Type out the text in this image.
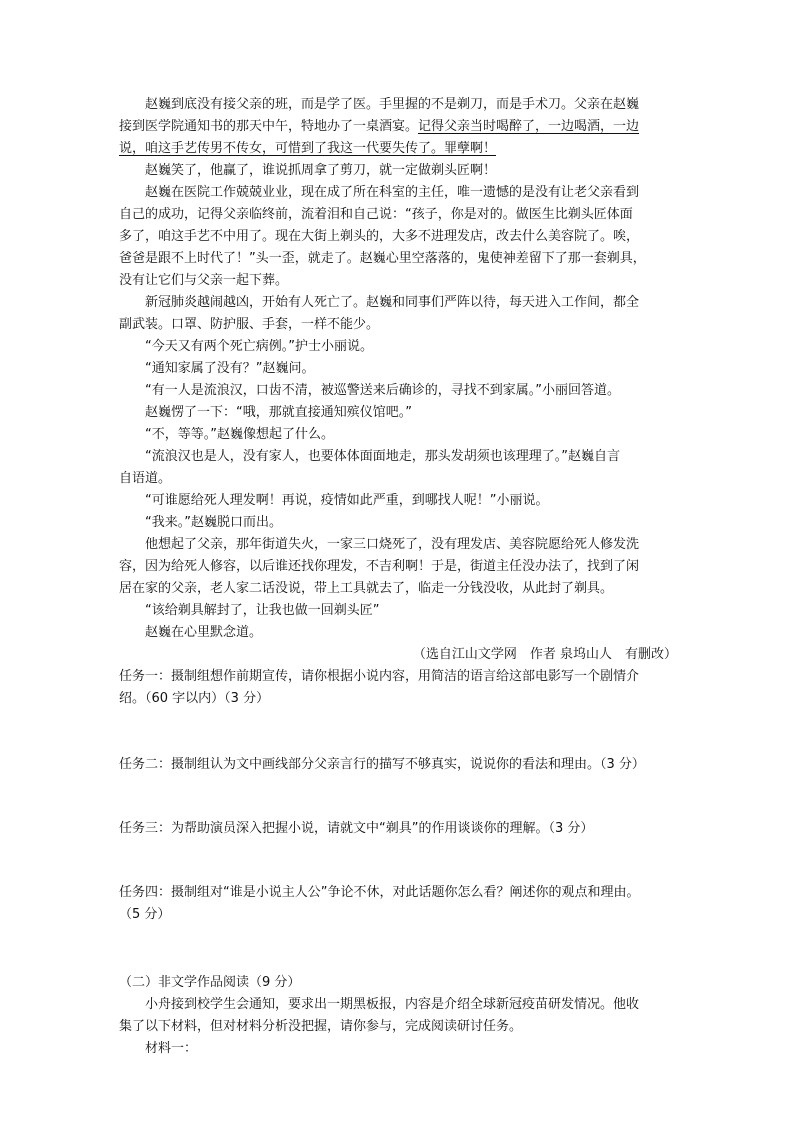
赵巍到底没有接父亲的班，而是学了医。手里握的不是剃刀，而是手术刀。父亲在赵巍
接到医学院通知书的那天中午，特地办了一桌酒宴。记得父亲当时喝醉了，一边喝酒，一边
说，咱这手艺传男不传女，可惜到了我这一代要失传了。罪孽啊！
赵巍笑了，他赢了，谁说抓周拿了剪刀，就一定做剃头匠啊！
赵巍在医院工作兢兢业业，现在成了所在科室的主任，唯一遗憾的是没有让老父亲看到
自己的成功，记得父亲临终前，流着泪和自己说：“孩子，你是对的。做医生比剃头匠体面
多了，咱这手艺不中用了。现在大街上剃头的，大多不进理发店，改去什么美容院了。唉，
爸爸是跟不上时代了！”头一歪，就走了。赵巍心里空落落的，鬼使神差留下了那一套剃具，
没有让它们与父亲一起下葬。
新冠肺炎越闹越凶，开始有人死亡了。赵巍和同事们严阵以待，每天进入工作间，都全
副武装。口罩、防护服、手套，一样不能少。
“今天又有两个死亡病例。”护士小丽说。
“通知家属了没有？”赵巍问。
“有一人是流浪汉，口齿不清，被巡警送来后确诊的，寻找不到家属。”小丽回答道。
赵巍愣了一下：“哦，那就直接通知殡仪馆吧。”
“不，等等。”赵巍像想起了什么。
“流浪汉也是人，没有家人，也要体体面面地走，那头发胡须也该理理了。”赵巍自言
自语道。
“可谁愿给死人理发啊！再说，疫情如此严重，到哪找人呢！”小丽说。
“我来。”赵巍脱口而出。
他想起了父亲，那年街道失火，一家三口烧死了，没有理发店、美容院愿给死人修发洗
容，因为给死人修容，以后谁还找你理发，不吉利啊！于是，街道主任没办法了，找到了闲
居在家的父亲，老人家二话没说，带上工具就去了，临走一分钱没收，从此封了剃具。
“该给剃具解封了，让我也做一回剃头匠”
赵巍在心里默念道。
（选自江山文学网　作者 泉坞山人　有删改）
任务一：摄制组想作前期宣传，请你根据小说内容，用简洁的语言给这部电影写一个剧情介
绍。（60 字以内）（3 分）
任务二：摄制组认为文中画线部分父亲言行的描写不够真实，说说你的看法和理由。（3 分）
任务三：为帮助演员深入把握小说，请就文中“剃具”的作用谈谈你的理解。（3 分）
任务四：摄制组对“谁是小说主人公”争论不休，对此话题你怎么看？阐述你的观点和理由。
（5 分）
（二）非文学作品阅读（9 分）
小舟接到校学生会通知，要求出一期黑板报，内容是介绍全球新冠疫苗研发情况。他收
集了以下材料，但对材料分析没把握，请你参与，完成阅读研讨任务。
材料一：
